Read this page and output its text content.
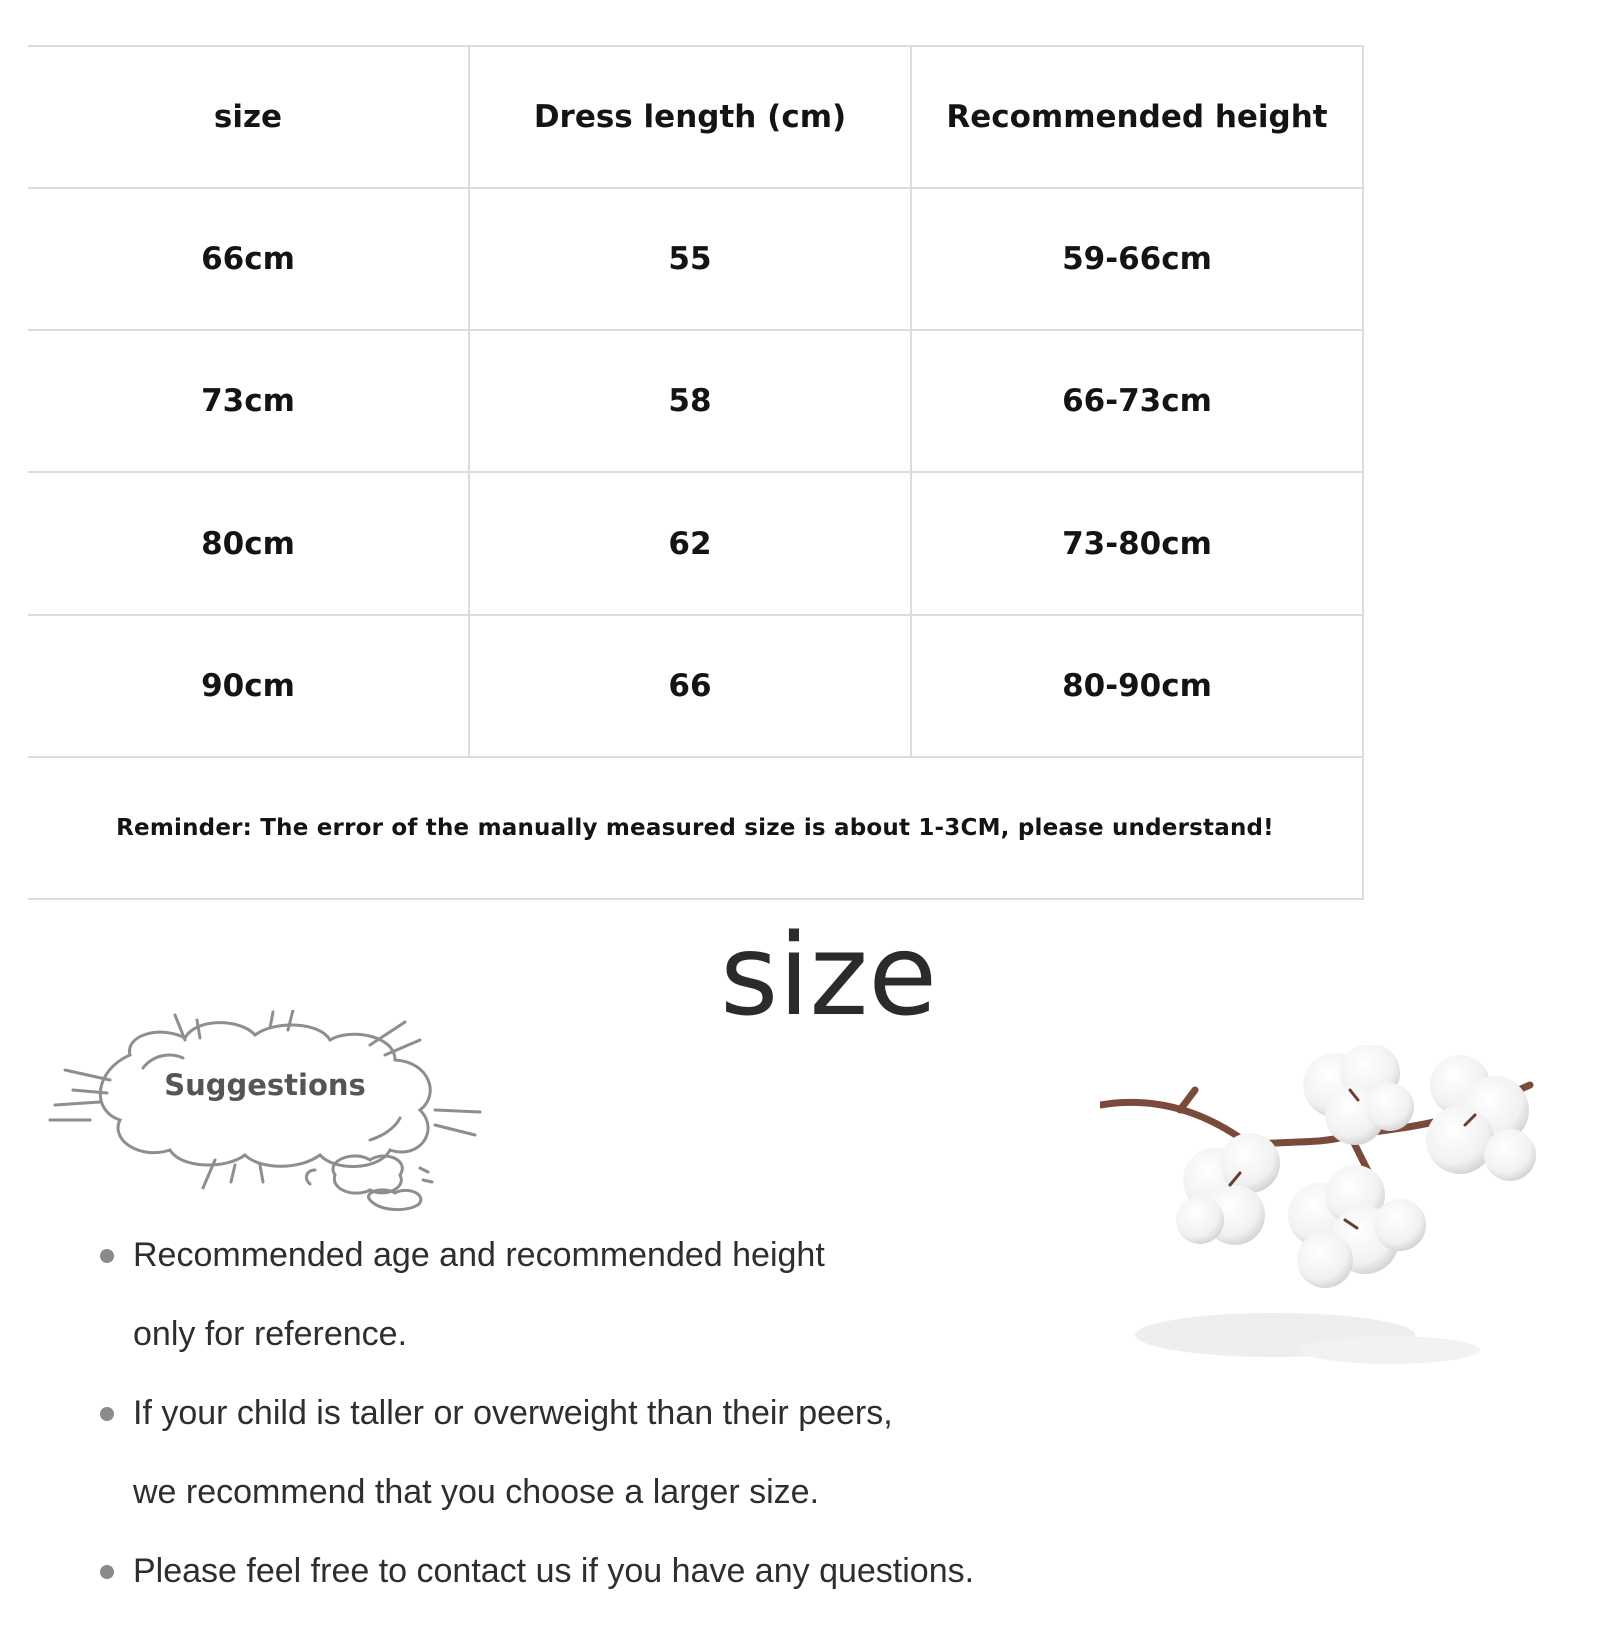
size	Dress length (cm)	Recommended height
66cm	55	59-66cm
73cm	58	66-73cm
80cm	62	73-80cm
90cm	66	80-90cm
Reminder: The error of the manually measured size is about 1-3CM, please understand!		
size
Suggestions
Recommended age and recommended height
only for reference.
If your child is taller or overweight than their peers,
we recommend that you choose a larger size.
Please feel free to contact us if you have any questions.
